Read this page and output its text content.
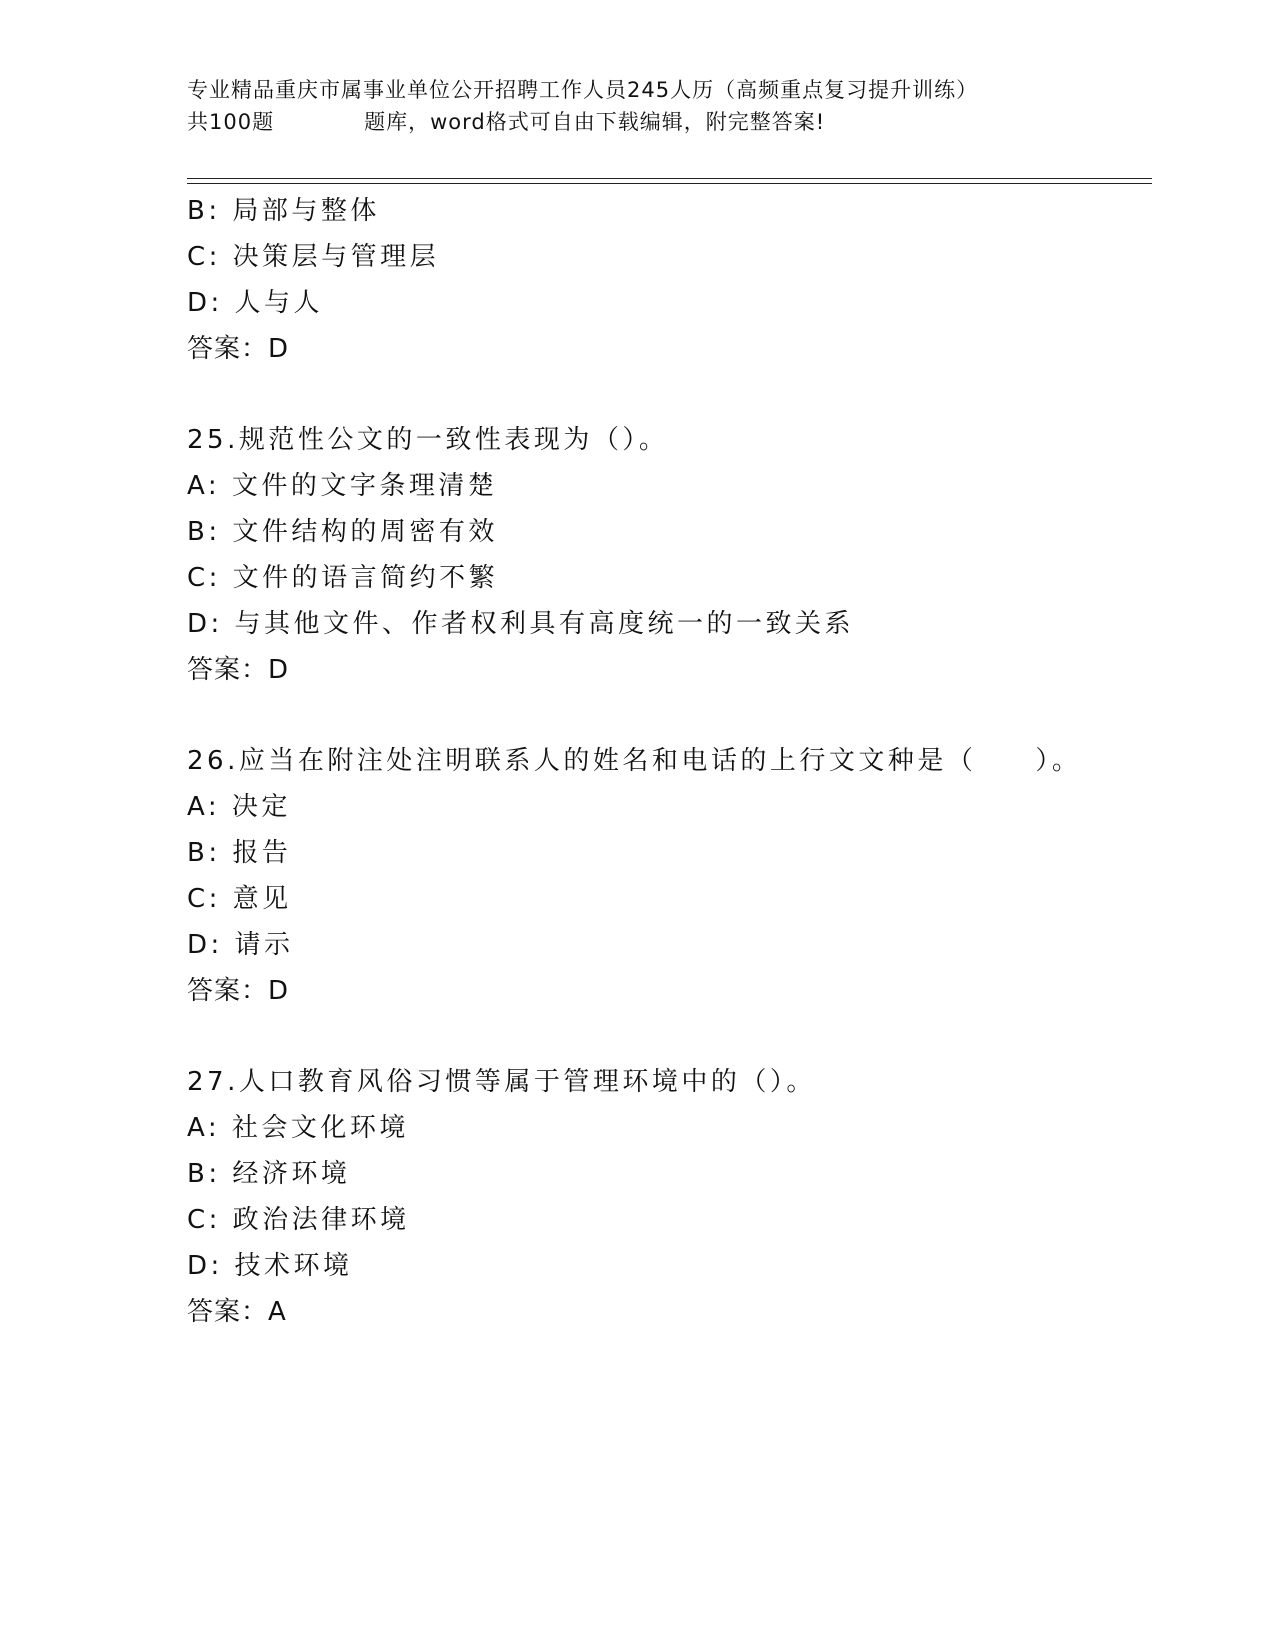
专业精品重庆市属事业单位公开招聘工作人员245人历（高频重点复习提升训练）
共100题	题库，word格式可自由下载编辑，附完整答案!
B: 局部与整体
C: 决策层与管理层
D: 人与人
答案：D
25.规范性公文的一致性表现为（）。
A: 文件的文字条理清楚
B: 文件结构的周密有效
C: 文件的语言简约不繁
D: 与其他文件、作者权利具有高度统一的一致关系
答案：D
26.应当在附注处注明联系人的姓名和电话的上行文文种是（　　）。
A: 决定
B: 报告
C: 意见
D: 请示
答案：D
27.人口教育风俗习惯等属于管理环境中的（）。
A: 社会文化环境
B: 经济环境
C: 政治法律环境
D: 技术环境
答案：A
